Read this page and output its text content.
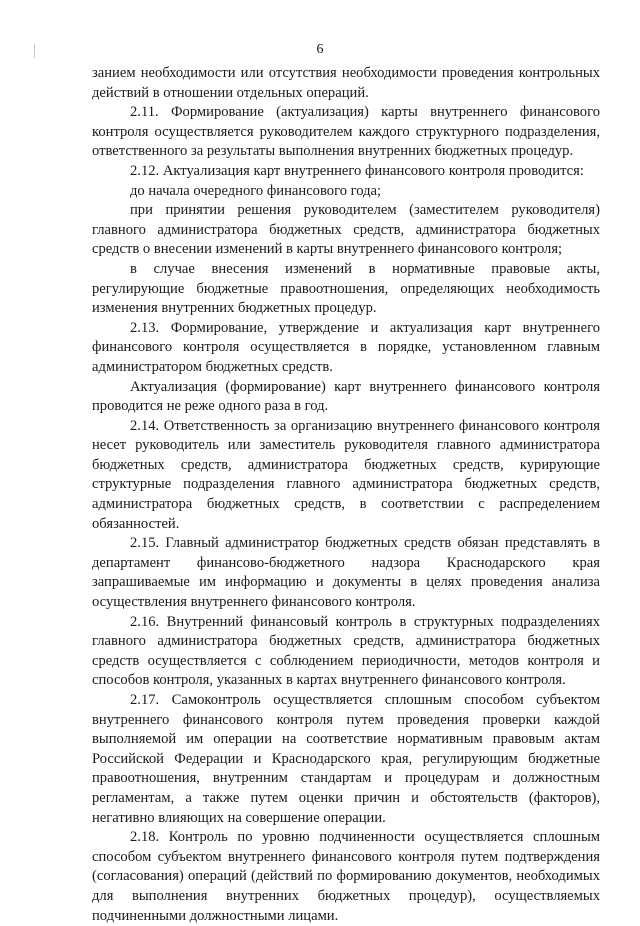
6

занием необходимости или отсутствия необходимости проведения контрольных действий в отношении отдельных операций.

2.11. Формирование (актуализация) карты внутреннего финансового контроля осуществляется руководителем каждого структурного подразделения, ответственного за результаты выполнения внутренних бюджетных процедур.

2.12. Актуализация карт внутреннего финансового контроля проводится:

до начала очередного финансового года;

при принятии решения руководителем (заместителем руководителя) главного администратора бюджетных средств, администратора бюджетных средств о внесении изменений в карты внутреннего финансового контроля;

в случае внесения изменений в нормативные правовые акты, регулирующие бюджетные правоотношения, определяющих необходимость изменения внутренних бюджетных процедур.

2.13. Формирование, утверждение и актуализация карт внутреннего финансового контроля осуществляется в порядке, установленном главным администратором бюджетных средств.

Актуализация (формирование) карт внутреннего финансового контроля проводится не реже одного раза в год.

2.14. Ответственность за организацию внутреннего финансового контроля несет руководитель или заместитель руководителя главного администратора бюджетных средств, администратора бюджетных средств, курирующие структурные подразделения главного администратора бюджетных средств, администратора бюджетных средств, в соответствии с распределением обязанностей.

2.15. Главный администратор бюджетных средств обязан представлять в департамент финансово-бюджетного надзора Краснодарского края запрашиваемые им информацию и документы в целях проведения анализа осуществления внутреннего финансового контроля.

2.16. Внутренний финансовый контроль в структурных подразделениях главного администратора бюджетных средств, администратора бюджетных средств осуществляется с соблюдением периодичности, методов контроля и способов контроля, указанных в картах внутреннего финансового контроля.

2.17. Самоконтроль осуществляется сплошным способом субъектом внутреннего финансового контроля путем проведения проверки каждой выполняемой им операции на соответствие нормативным правовым актам Российской Федерации и Краснодарского края, регулирующим бюджетные правоотношения, внутренним стандартам и процедурам и должностным регламентам, а также путем оценки причин и обстоятельств (факторов), негативно влияющих на совершение операции.

2.18. Контроль по уровню подчиненности осуществляется сплошным способом субъектом внутреннего финансового контроля путем подтверждения (согласования) операций (действий по формированию документов, необходимых для выполнения внутренних бюджетных процедур), осуществляемых подчиненными должностными лицами.
